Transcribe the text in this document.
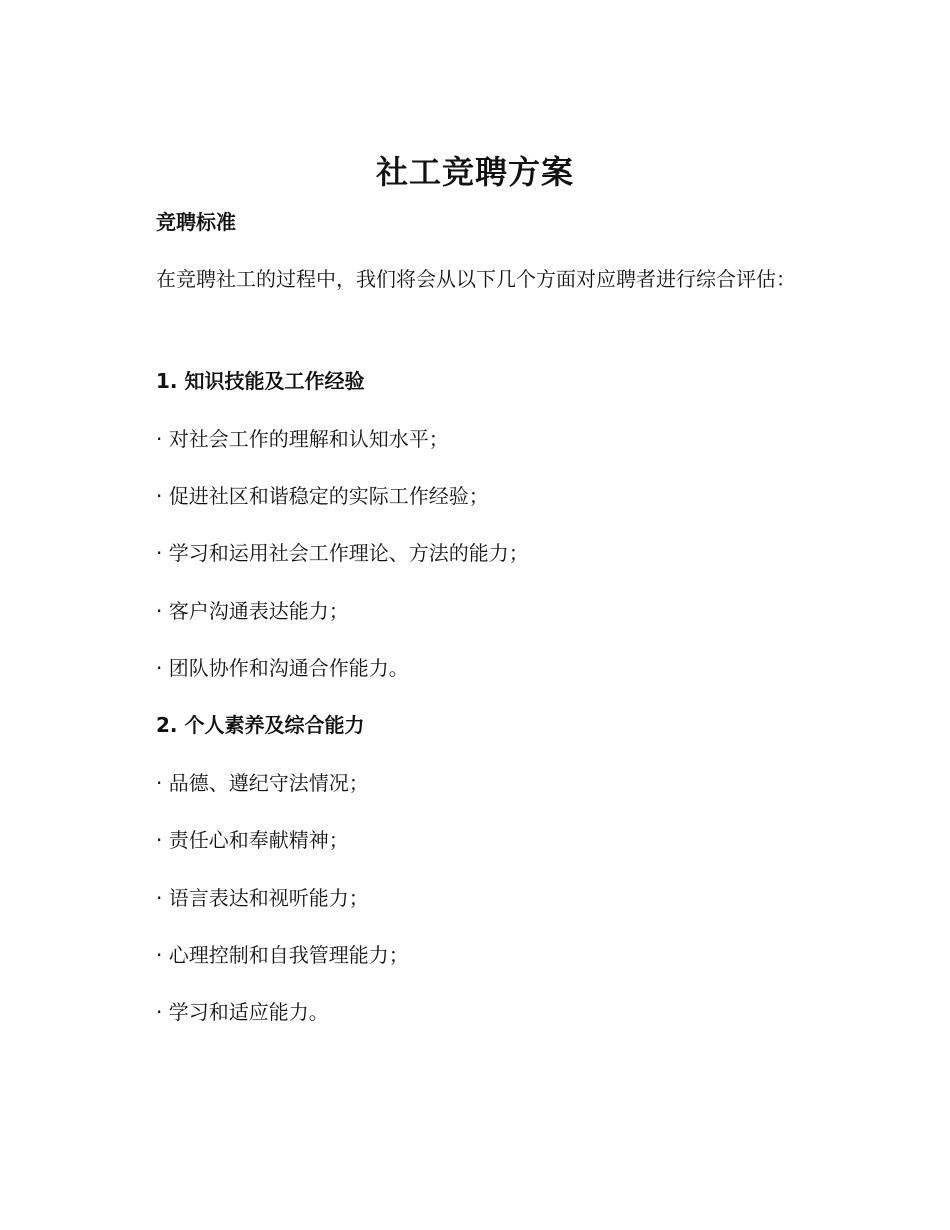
社工竞聘方案
竞聘标准
在竞聘社工的过程中，我们将会从以下几个方面对应聘者进行综合评估：
1. 知识技能及工作经验
· 对社会工作的理解和认知水平；
· 促进社区和谐稳定的实际工作经验；
· 学习和运用社会工作理论、方法的能力；
· 客户沟通表达能力；
· 团队协作和沟通合作能力。
2. 个人素养及综合能力
· 品德、遵纪守法情况；
· 责任心和奉献精神；
· 语言表达和视听能力；
· 心理控制和自我管理能力；
· 学习和适应能力。
